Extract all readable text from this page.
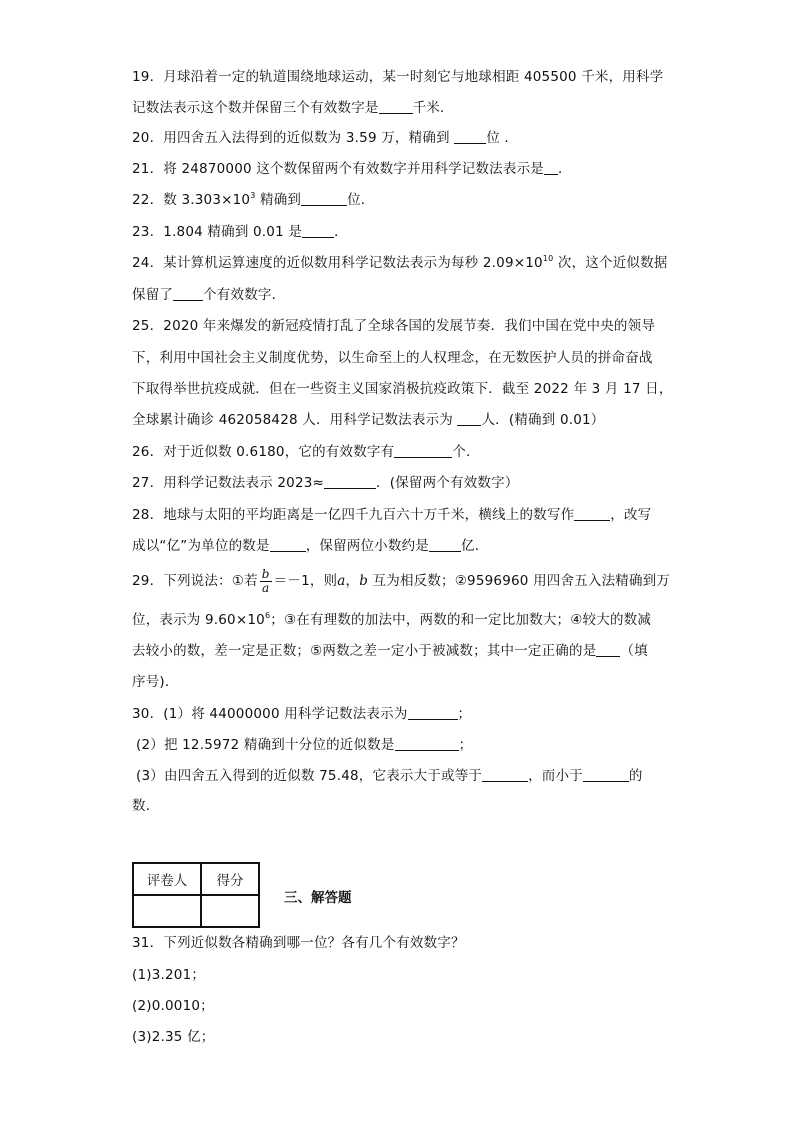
19．月球沿着一定的轨道围绕地球运动，某一时刻它与地球相距 405500 千米，用科学
记数法表示这个数并保留三个有效数字是	千米．
20．用四舍五入法得到的近似数为 3.59 万，精确到 位 ．
21．将 24870000 这个数保留两个有效数字并用科学记数法表示是 ．
22．数 $3.303\times 10^3$ 精确到	位．
23．1.804 精确到 0.01 是 ．
24．某计算机运算速度的近似数用科学记数法表示为每秒 $2.09\times 10^{10}$ 次，这个近似数据
保留了 个有效数字．
25．2020 年来爆发的新冠疫情打乱了全球各国的发展节奏．我们中国在党中央的领导
下，利用中国社会主义制度优势，以生命至上的人权理念，在无数医护人员的拼命奋战
下取得举世抗疫成就．但在一些资主义国家消极抗疫政策下．截至 2022 年 3 月 17 日，
全球累计确诊 462058428 人．用科学记数法表示为 人．(精确到 0.01）
26．对于近似数 0.6180，它的有效数字有	个．
27．用科学记数法表示 2023≈	．(保留两个有效数字）
28．地球与太阳的平均距离是一亿四千九百六十万千米，横线上的数写作	，改写
成以“亿”为单位的数是	，保留两位小数约是 亿．
29．下列说法：①若 $\frac{b}{a} =-1$，则a，b 互为相反数；②9596960 用四舍五入法精确到万
位，表示为 $9.60\times 10^6$；③在有理数的加法中，两数的和一定比加数大；④较大的数减
去较小的数，差一定是正数；⑤两数之差一定小于被减数；其中一定正确的是 （填
序号)．
30．(1）将 44000000 用科学记数法表示为	；
(2）把 12.5972 精确到十分位的近似数是	；
(3）由四舍五入得到的近似数 75.48，它表示大于或等于	，而小于	的
数．
评卷人	得分

三、解答题
31．下列近似数各精确到哪一位？各有几个有效数字？
(1)3.201；
(2)0.0010；
(3)2.35 亿；
